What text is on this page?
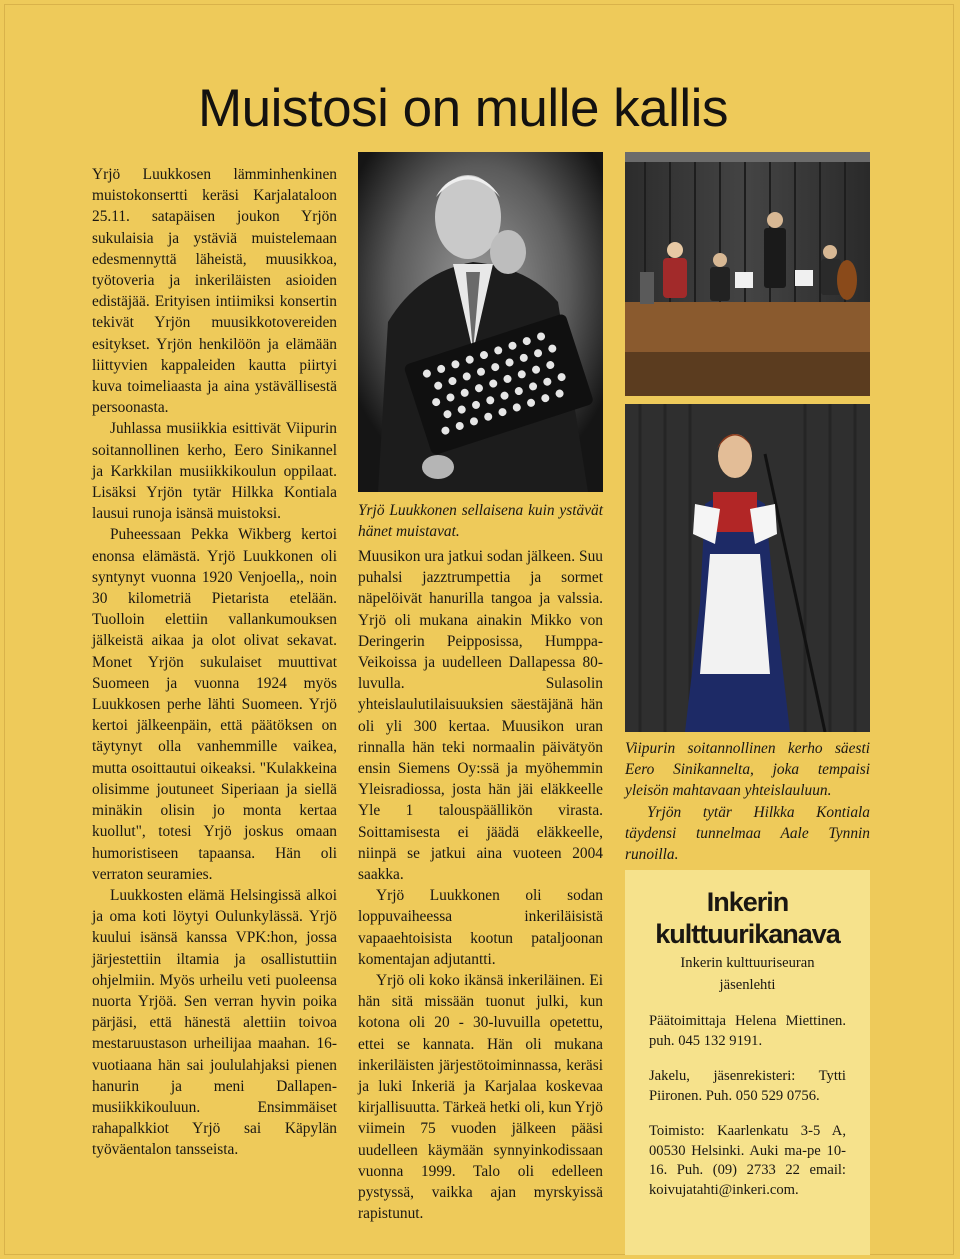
Muistosi on mulle kallis

Yrjö Luukkosen lämminhenkinen muistokonsertti keräsi Karjalataloon 25.11. satapäisen joukon Yrjön sukulaisia ja ystäviä muistelemaan edesmennyttä läheistä, muusikkoa, työtoveria ja inkeriläisten asioiden edistäjää. Erityisen intiimiksi konsertin tekivät Yrjön muusikkotovereiden esitykset. Yrjön henkilöön ja elämään liittyvien kappaleiden kautta piirtyi kuva toimeliaasta ja aina ystävällisestä persoonasta.

Juhlassa musiikkia esittivät Viipurin soitannollinen kerho, Eero Sinikannel ja Karkkilan musiikkikoulun oppilaat. Lisäksi Yrjön tytär Hilkka Kontiala lausui runoja isänsä muistoksi.

Puheessaan Pekka Wikberg kertoi enonsa elämästä. Yrjö Luukkonen oli syntynyt vuonna 1920 Venjoella,, noin 30 kilometriä Pietarista etelään. Tuolloin elettiin vallankumouksen jälkeistä aikaa ja olot olivat sekavat. Monet Yrjön sukulaiset muuttivat Suomeen ja vuonna 1924 myös Luukkosen perhe lähti Suomeen. Yrjö kertoi jälkeenpäin, että päätöksen on täytynyt olla vanhemmille vaikea, mutta osoittautui oikeaksi. "Kulakkeina olisimme joutuneet Siperiaan ja siellä minäkin olisin jo monta kertaa kuollut", totesi Yrjö joskus omaan humoristiseen tapaansa. Hän oli verraton seuramies.

Luukkosten elämä Helsingissä alkoi ja oma koti löytyi Oulunkylässä. Yrjö kuului isänsä kanssa VPK:hon, jossa järjestettiin iltamia ja osallistuttiin ohjelmiin. Myös urheilu veti puoleensa nuorta Yrjöä. Sen verran hyvin poika pärjäsi, että hänestä alettiin toivoa mestaruustason urheilijaa maahan. 16-vuotiaana hän sai joululahjaksi pienen hanurin ja meni Dallapen-musiikkikouluun. Ensimmäiset rahapalkkiot Yrjö sai Käpylän työväentalon tansseista.

Yrjö Luukkonen sellaisena kuin ystävät hänet muistavat.

Muusikon ura jatkui sodan jälkeen. Suu puhalsi jazztrumpettia ja sormet näpelöivät hanurilla tangoa ja valssia. Yrjö oli mukana ainakin Mikko von Deringerin Peipposissa, Humppa-Veikoissa ja uudelleen Dallapessa 80-luvulla. Sulasolin yhteislaulutilaisuuksien säestäjänä hän oli yli 300 kertaa. Muusikon uran rinnalla hän teki normaalin päivätyön ensin Siemens Oy:ssä ja myöhemmin Yleisradiossa, josta hän jäi eläkkeelle Yle 1 talouspäällikön virasta. Soittamisesta ei jäädä eläkkeelle, niinpä se jatkui aina vuoteen 2004 saakka.

Yrjö Luukkonen oli sodan loppuvaiheessa inkeriläisistä vapaaehtoisista kootun pataljoonan komentajan adjutantti.

Yrjö oli koko ikänsä inkeriläinen. Ei hän sitä missään tuonut julki, kun kotona oli 20 - 30-luvuilla opetettu, ettei se kannata. Hän oli mukana inkeriläisten järjestötoiminnassa, keräsi ja luki Inkeriä ja Karjalaa koskevaa kirjallisuutta. Tärkeä hetki oli, kun Yrjö viimein 75 vuoden jälkeen pääsi uudelleen käymään synnyinkodissaan vuonna 1999. Talo oli edelleen pystyssä, vaikka ajan myrskyissä rapistunut.

Viipurin soitannollinen kerho säesti Eero Sinikannelta, joka tempaisi yleisön mahtavaan yhteislauluun.

Yrjön tytär Hilkka Kontiala täydensi tunnelmaa Aale Tynnin runoilla.

Inkerin
kulttuurikanava
Inkerin kulttuuriseuran
jäsenlehti
Päätoimittaja Helena Miettinen. puh. 045 132 9191.
Jakelu, jäsenrekisteri: Tytti Piironen. Puh. 050 529 0756.
Toimisto: Kaarlenkatu 3-5 A, 00530 Helsinki. Auki ma-pe 10-16. Puh. (09) 2733 22 email: koivujatahti@inkeri.com.
